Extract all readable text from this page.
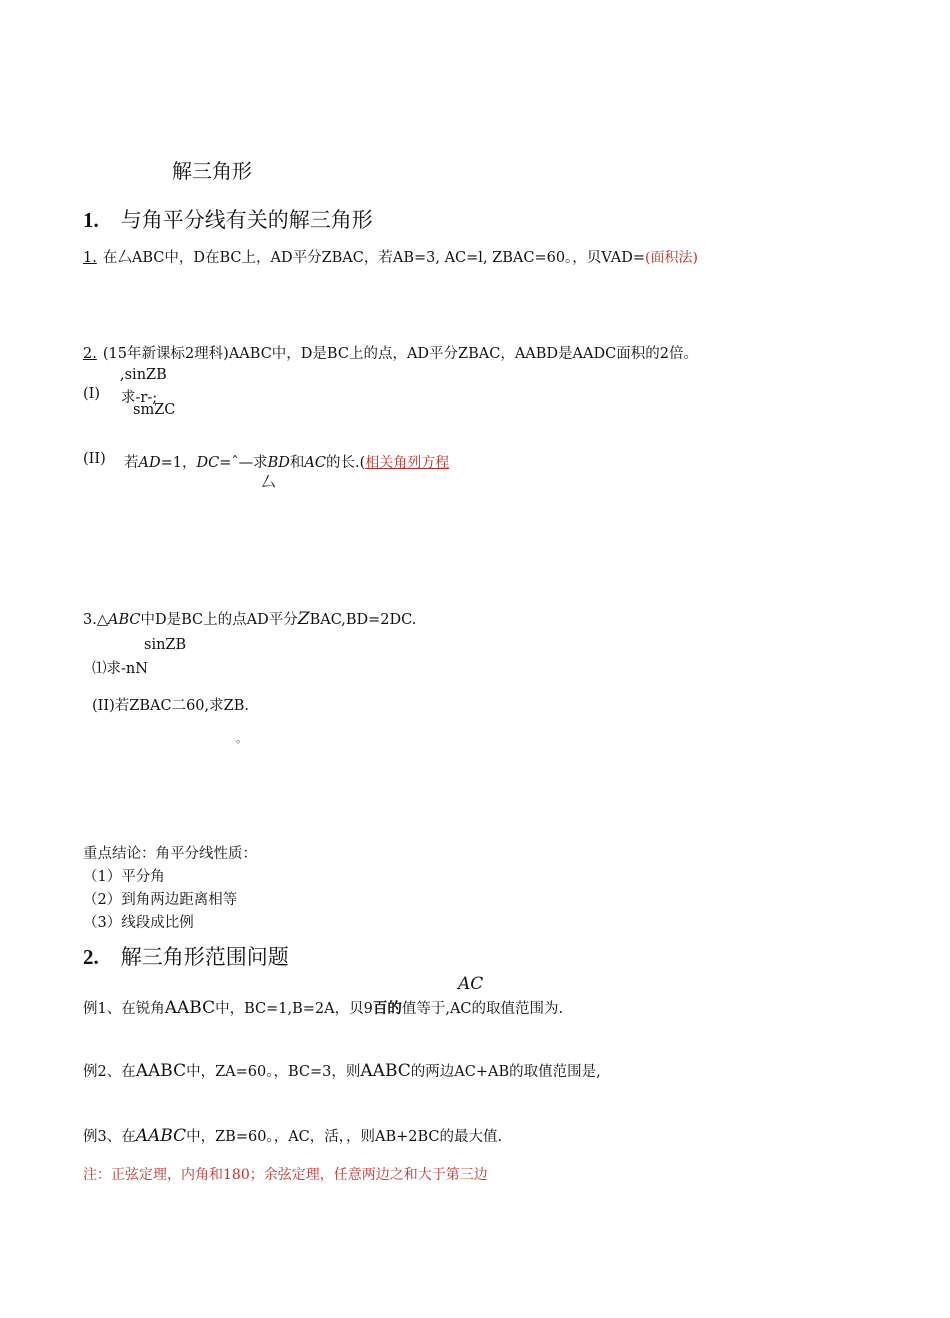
解三角形
1. 与角平分线有关的解三角形
1. 在厶ABC中，D在BC上，AD平分ZBAC，若AB=3, AC=l, ZBAC=60。，贝VAD=(面积法)
2. (15年新课标2理科)AABC中，D是BC上的点，AD平分ZBAC，AABD是AADC面积的2倍。
,sinZB
(I) 求-r-;
smZC
(II) 若AD=1，DC=ˆ—求BD和AC的长.(相关角列方程
厶
3.△ABC中D是BC上的点AD平分ZBAC,BD=2DC.
sinZB
⑴求-nN
(II)若ZBAC二60,求ZB.
。
重点结论：角平分线性质：
（1）平分角
（2）到角两边距离相等
（3）线段成比例
2. 解三角形范围问题
AC
例1、在锐角AABC中，BC=1,B=2A，贝9百的值等于,AC的取值范围为.
例2、在AABC中，ZA=60。，BC=3，则AABC的两边AC+AB的取值范围是,
例3、在AABC中，ZB=60。，AC，活，，则AB+2BC的最大值.
注：正弦定理，内角和180；余弦定理，任意两边之和大于第三边
